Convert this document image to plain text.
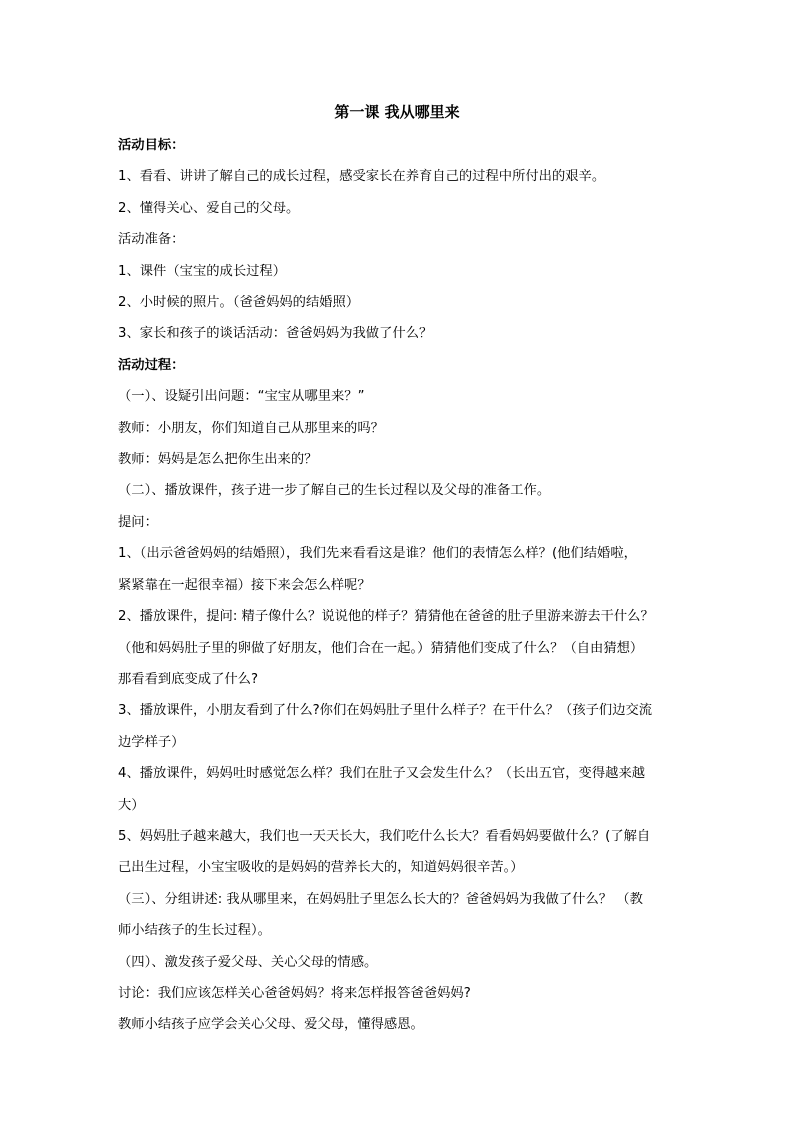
第一课 我从哪里来
活动目标：
1、看看、讲讲了解自己的成长过程，感受家长在养育自己的过程中所付出的艰辛。
2、懂得关心、爱自己的父母。
活动准备：
1、课件（宝宝的成长过程）
2、小时候的照片。（爸爸妈妈的结婚照）
3、家长和孩子的谈话活动：爸爸妈妈为我做了什么？
活动过程：
（一）、设疑引出问题：“宝宝从哪里来？”
教师：小朋友，你们知道自己从那里来的吗？
教师：妈妈是怎么把你生出来的？
（二）、播放课件，孩子进一步了解自己的生长过程以及父母的准备工作。
提问：
1、（出示爸爸妈妈的结婚照），我们先来看看这是谁？他们的表情怎么样？(他们结婚啦，
紧紧靠在一起很幸福）接下来会怎么样呢？
2、播放课件，提问: 精子像什么？说说他的样子？猜猜他在爸爸的肚子里游来游去干什么？
（他和妈妈肚子里的卵做了好朋友，他们合在一起。）猜猜他们变成了什么？（自由猜想）
那看看到底变成了什么?
3、播放课件，小朋友看到了什么?你们在妈妈肚子里什么样子？在干什么？（孩子们边交流
边学样子）
4、播放课件，妈妈吐时感觉怎么样？我们在肚子又会发生什么？（长出五官，变得越来越
大）
5、妈妈肚子越来越大，我们也一天天长大，我们吃什么长大？看看妈妈要做什么？(了解自
己出生过程，小宝宝吸收的是妈妈的营养长大的，知道妈妈很辛苦。）
（三）、分组讲述: 我从哪里来，在妈妈肚子里怎么长大的？爸爸妈妈为我做了什么？ （教
师小结孩子的生长过程）。
（四）、激发孩子爱父母、关心父母的情感。
讨论：我们应该怎样关心爸爸妈妈？将来怎样报答爸爸妈妈?
教师小结孩子应学会关心父母、爱父母，懂得感恩。
